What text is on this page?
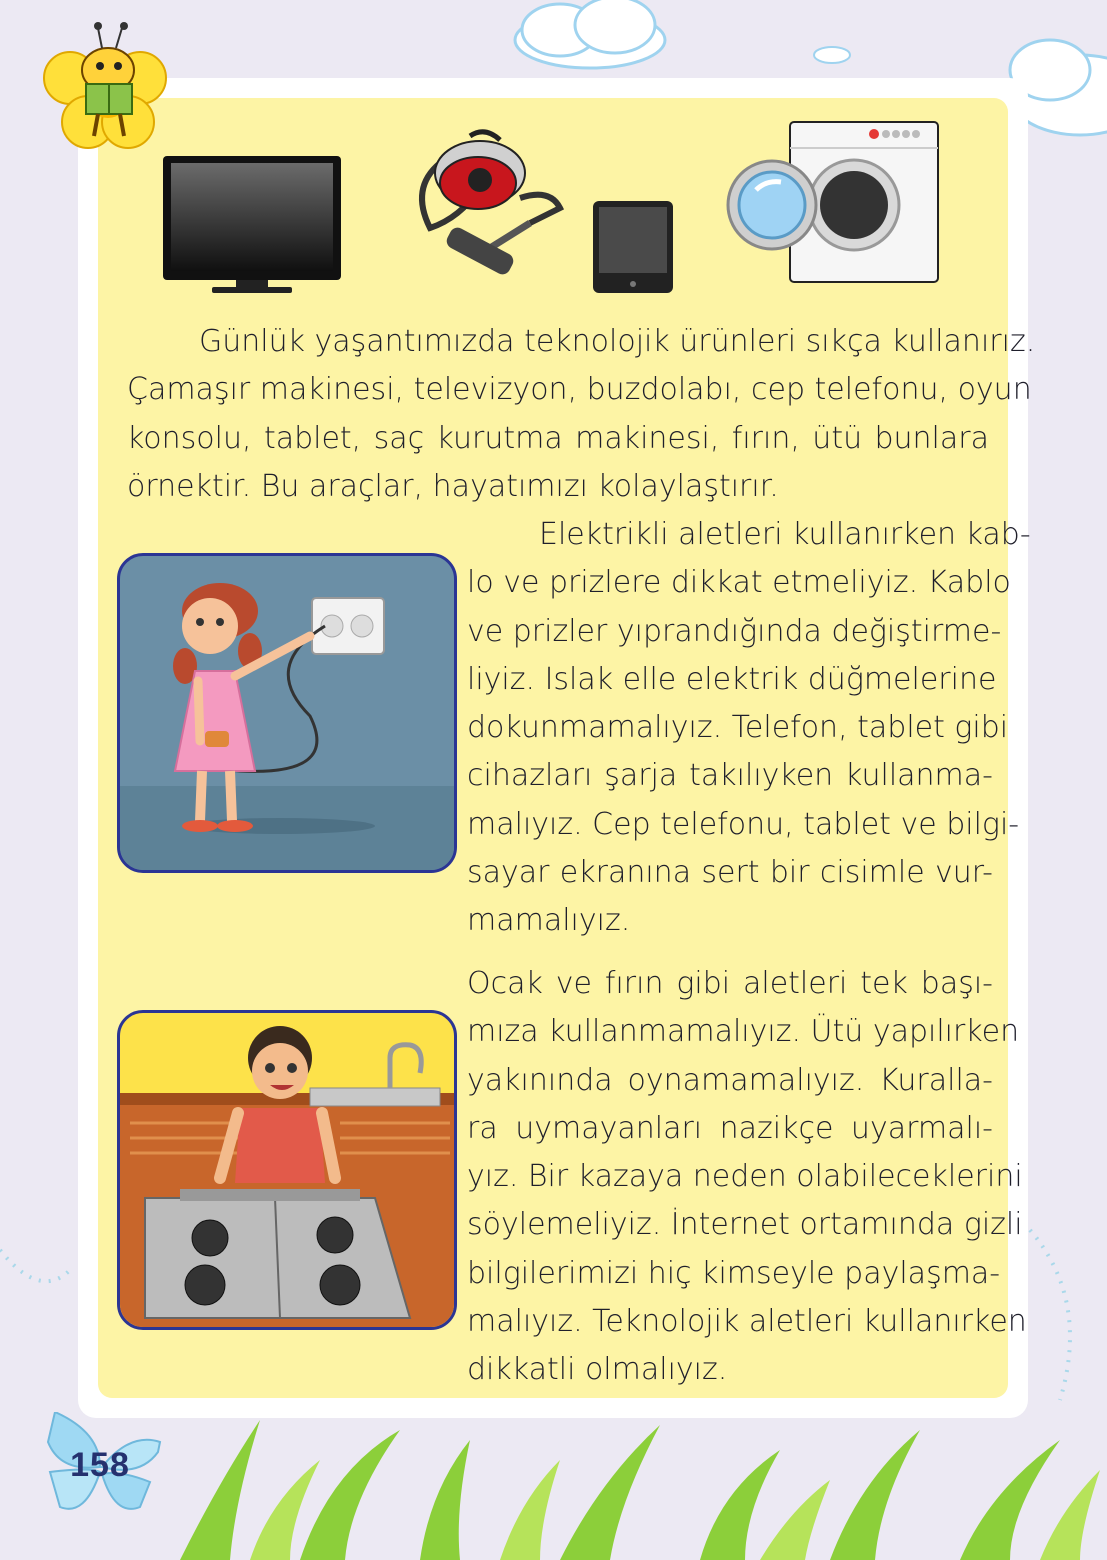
Günlük yaşantımızda teknolojik ürünleri sıkça kullanırız.
Çamaşır makinesi, televizyon, buzdolabı, cep telefonu, oyun
konsolu, tablet, saç kurutma makinesi, fırın, ütü bunlara
örnektir. Bu araçlar, hayatımızı kolaylaştırır.
Elektrikli aletleri kullanırken kab-
lo ve prizlere dikkat etmeliyiz. Kablo
ve prizler yıprandığında değiştirme-
liyiz. Islak elle elektrik düğmelerine
dokunmamalıyız. Telefon, tablet gibi
cihazları şarja takılıyken kullanma-
malıyız. Cep telefonu, tablet ve bilgi-
sayar ekranına sert bir cisimle vur-
mamalıyız.
Ocak ve fırın gibi aletleri tek başı-
mıza kullanmamalıyız. Ütü yapılırken
yakınında oynamamalıyız. Kuralla-
ra uymayanları nazikçe uyarmalı-
yız. Bir kazaya neden olabileceklerini
söylemeliyiz. İnternet ortamında gizli
bilgilerimizi hiç kimseyle paylaşma-
malıyız. Teknolojik aletleri kullanırken
dikkatli olmalıyız.
158
